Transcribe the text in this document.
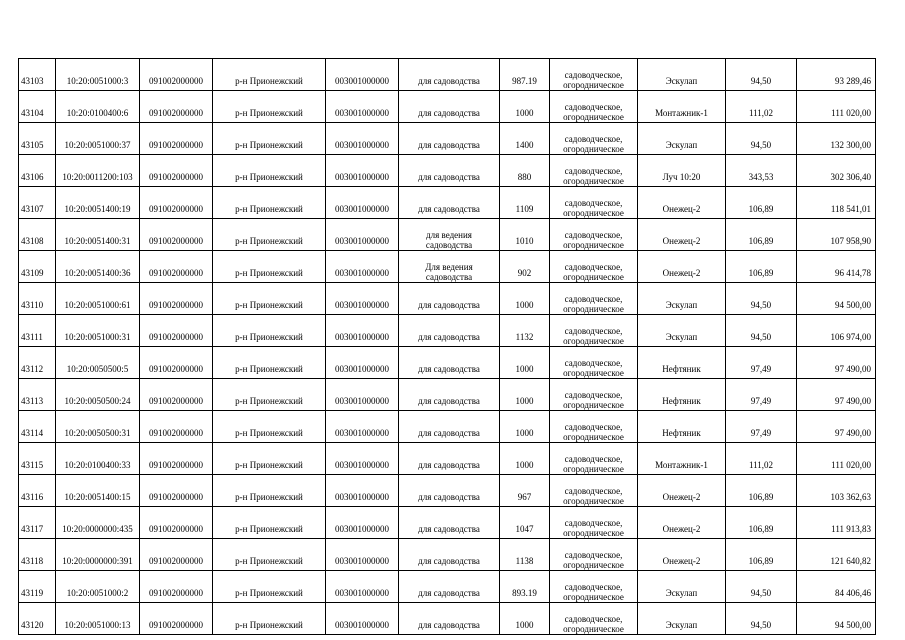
43103	10:20:0051000:3	091002000000	р-н Прионежский	003001000000	для садоводства	987.19	садоводческое,
огородническое	Эскулап	94,50	93 289,46

43104	10:20:0100400:6	091002000000	р-н Прионежский	003001000000	для садоводства	1000	садоводческое,
огородническое	Монтажник-1	111,02	111 020,00

43105	10:20:0051000:37	091002000000	р-н Прионежский	003001000000	для садоводства	1400	садоводческое,
огородническое	Эскулап	94,50	132 300,00

43106	10:20:0011200:103	091002000000	р-н Прионежский	003001000000	для садоводства	880	садоводческое,
огородническое	Луч 10:20	343,53	302 306,40

43107	10:20:0051400:19	091002000000	р-н Прионежский	003001000000	для садоводства	1109	садоводческое,
огородническое	Онежец-2	106,89	118 541,01

43108	10:20:0051400:31	091002000000	р-н Прионежский	003001000000	для ведения
садоводства	1010	садоводческое,
огородническое	Онежец-2	106,89	107 958,90

43109	10:20:0051400:36	091002000000	р-н Прионежский	003001000000	Для ведения
садоводства	902	садоводческое,
огородническое	Онежец-2	106,89	96 414,78

43110	10:20:0051000:61	091002000000	р-н Прионежский	003001000000	для садоводства	1000	садоводческое,
огородническое	Эскулап	94,50	94 500,00

43111	10:20:0051000:31	091002000000	р-н Прионежский	003001000000	для садоводства	1132	садоводческое,
огородническое	Эскулап	94,50	106 974,00

43112	10:20:0050500:5	091002000000	р-н Прионежский	003001000000	для садоводства	1000	садоводческое,
огородническое	Нефтяник	97,49	97 490,00

43113	10:20:0050500:24	091002000000	р-н Прионежский	003001000000	для садоводства	1000	садоводческое,
огородническое	Нефтяник	97,49	97 490,00

43114	10:20:0050500:31	091002000000	р-н Прионежский	003001000000	для садоводства	1000	садоводческое,
огородническое	Нефтяник	97,49	97 490,00

43115	10:20:0100400:33	091002000000	р-н Прионежский	003001000000	для садоводства	1000	садоводческое,
огородническое	Монтажник-1	111,02	111 020,00

43116	10:20:0051400:15	091002000000	р-н Прионежский	003001000000	для садоводства	967	садоводческое,
огородническое	Онежец-2	106,89	103 362,63

43117	10:20:0000000:435	091002000000	р-н Прионежский	003001000000	для садоводства	1047	садоводческое,
огородническое	Онежец-2	106,89	111 913,83

43118	10:20:0000000:391	091002000000	р-н Прионежский	003001000000	для садоводства	1138	садоводческое,
огородническое	Онежец-2	106,89	121 640,82

43119	10:20:0051000:2	091002000000	р-н Прионежский	003001000000	для садоводства	893.19	садоводческое,
огородническое	Эскулап	94,50	84 406,46

43120	10:20:0051000:13	091002000000	р-н Прионежский	003001000000	для садоводства	1000	садоводческое,
огородническое	Эскулап	94,50	94 500,00
